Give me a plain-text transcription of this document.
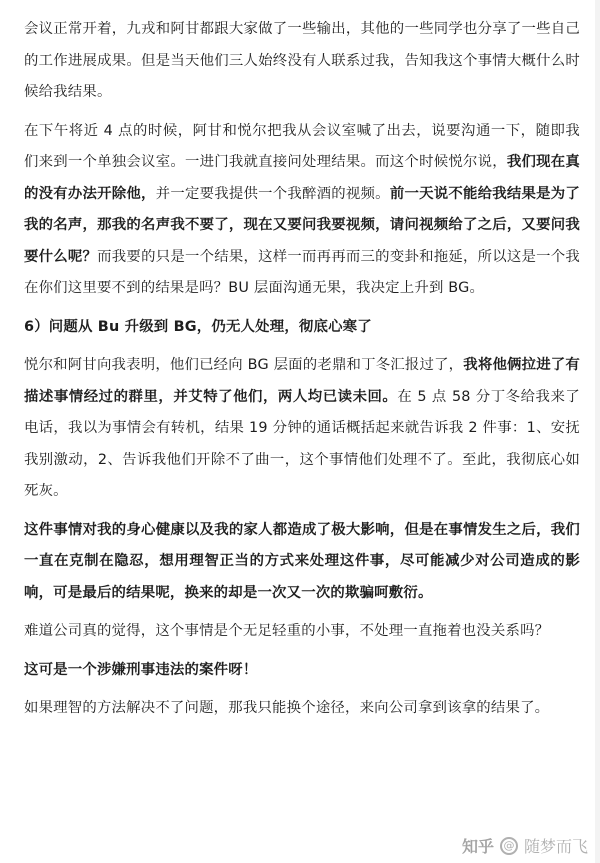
会议正常开着，九戎和阿甘都跟大家做了一些输出，其他的一些同学也分享了一些自己的工作进展成果。但是当天他们三人始终没有人联系过我，告知我这个事情大概什么时候给我结果。

在下午将近 4 点的时候，阿甘和悦尔把我从会议室喊了出去，说要沟通一下，随即我们来到一个单独会议室。一进门我就直接问处理结果。而这个时候悦尔说，我们现在真的没有办法开除他，并一定要我提供一个我醉酒的视频。前一天说不能给我结果是为了我的名声，那我的名声我不要了，现在又要问我要视频，请问视频给了之后，又要问我要什么呢？而我要的只是一个结果，这样一而再再而三的变卦和拖延，所以这是一个我在你们这里要不到的结果是吗？BU 层面沟通无果，我决定上升到 BG。

6）问题从 Bu 升级到 BG，仍无人处理，彻底心寒了

悦尔和阿甘向我表明，他们已经向 BG 层面的老鼎和丁冬汇报过了，我将他俩拉进了有描述事情经过的群里，并艾特了他们，两人均已读未回。在 5 点 58 分丁冬给我来了电话，我以为事情会有转机，结果 19 分钟的通话概括起来就告诉我 2 件事：1、安抚我别激动，2、告诉我他们开除不了曲一，这个事情他们处理不了。至此，我彻底心如死灰。

这件事情对我的身心健康以及我的家人都造成了极大影响，但是在事情发生之后，我们一直在克制在隐忍，想用理智正当的方式来处理这件事，尽可能减少对公司造成的影响，可是最后的结果呢，换来的却是一次又一次的欺骗呵敷衍。

难道公司真的觉得，这个事情是个无足轻重的小事，不处理一直拖着也没关系吗？

这可是一个涉嫌刑事违法的案件呀！

如果理智的方法解决不了问题，那我只能换个途径，来向公司拿到该拿的结果了。

知乎 @ 随梦而飞
